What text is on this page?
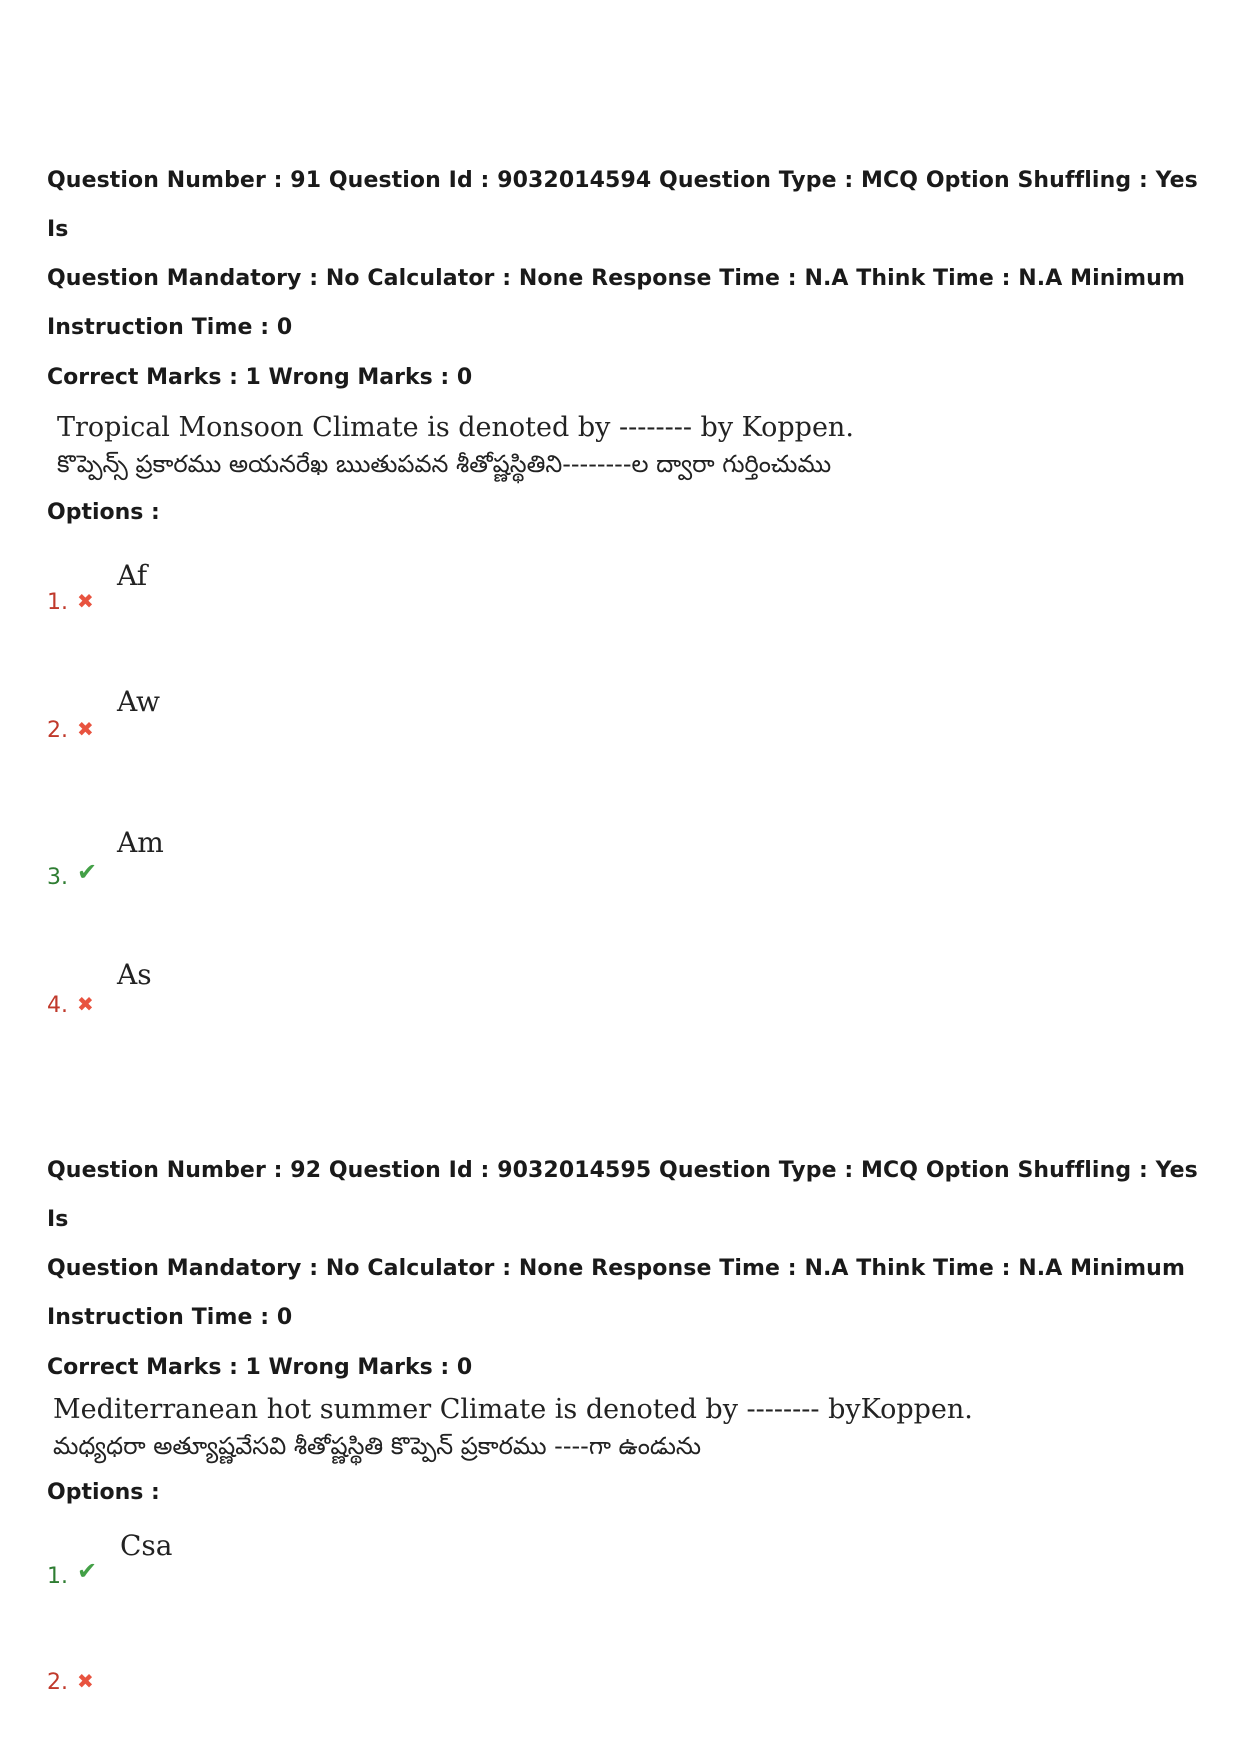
Question Number : 91 Question Id : 9032014594 Question Type : MCQ Option Shuffling : Yes Is

Question Mandatory : No Calculator : None Response Time : N.A Think Time : N.A Minimum

Instruction Time : 0

Correct Marks : 1 Wrong Marks : 0
Tropical Monsoon Climate is denoted by -------- by Koppen.
కొప్పెన్స్ ప్రకారము అయనరేఖ ఋతుపవన శీతోష్ణస్థితిని--------ల ద్వారా గుర్తించుము
Options :
Af
1. ✖
Aw
2. ✖
Am
3. ✔
As
4. ✖

Question Number : 92 Question Id : 9032014595 Question Type : MCQ Option Shuffling : Yes Is

Question Mandatory : No Calculator : None Response Time : N.A Think Time : N.A Minimum

Instruction Time : 0

Correct Marks : 1 Wrong Marks : 0
Mediterranean hot summer Climate is denoted by -------- byKoppen.
మధ్యధరా అత్యూష్ణవేసవి శీతోష్ణస్థితి కొప్పెన్ ప్రకారము ----గా ఉండును
Options :
Csa
1. ✔
2. ✖
